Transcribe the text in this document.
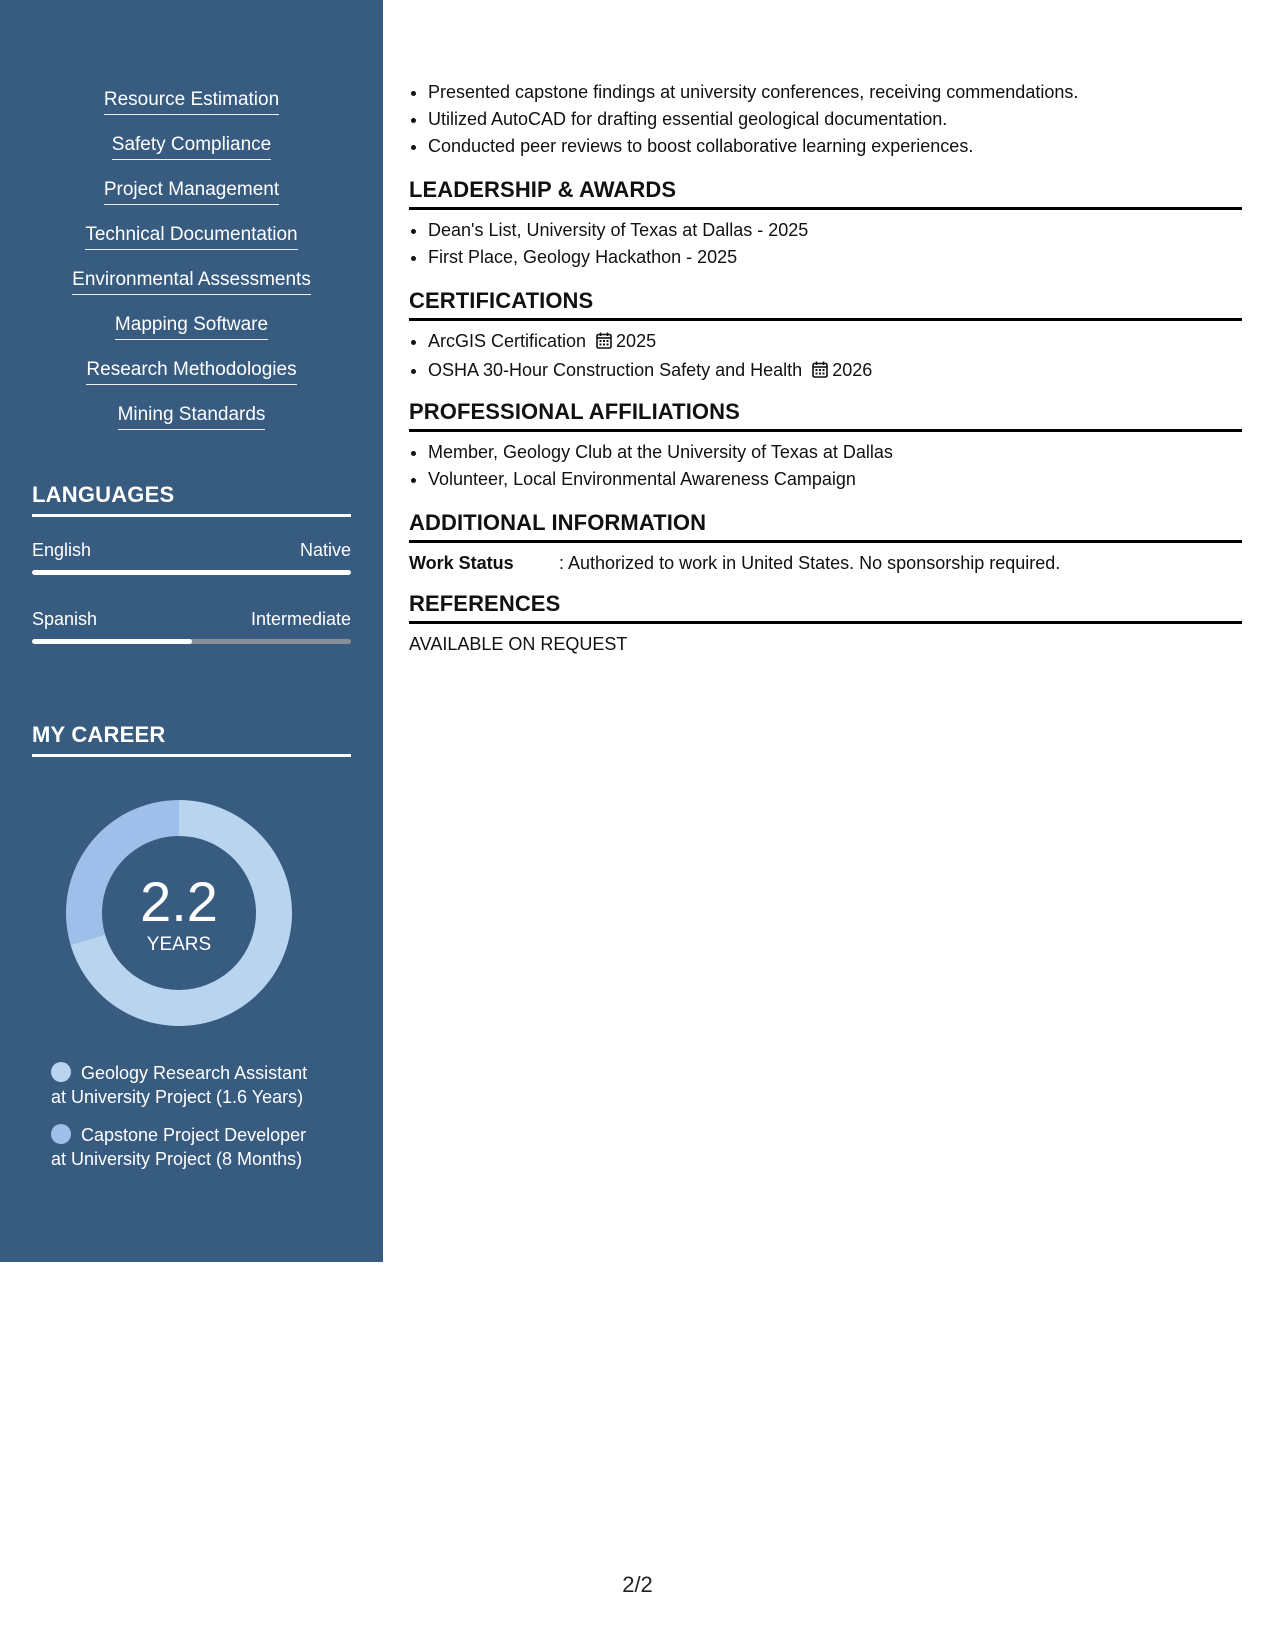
Resource Estimation
Safety Compliance
Project Management
Technical Documentation
Environmental Assessments
Mapping Software
Research Methodologies
Mining Standards
LANGUAGES
English	Native
Spanish	Intermediate
MY CAREER
2.2
YEARS
Geology Research Assistant
at University Project (1.6 Years)
Capstone Project Developer
at University Project (8 Months)
• Presented capstone findings at university conferences, receiving commendations.
• Utilized AutoCAD for drafting essential geological documentation.
• Conducted peer reviews to boost collaborative learning experiences.
LEADERSHIP & AWARDS
• Dean's List, University of Texas at Dallas - 2025
• First Place, Geology Hackathon - 2025
CERTIFICATIONS
• ArcGIS Certification 2025
• OSHA 30-Hour Construction Safety and Health 2026
PROFESSIONAL AFFILIATIONS
• Member, Geology Club at the University of Texas at Dallas
• Volunteer, Local Environmental Awareness Campaign
ADDITIONAL INFORMATION
Work Status	: Authorized to work in United States. No sponsorship required.
REFERENCES
AVAILABLE ON REQUEST
2/2
